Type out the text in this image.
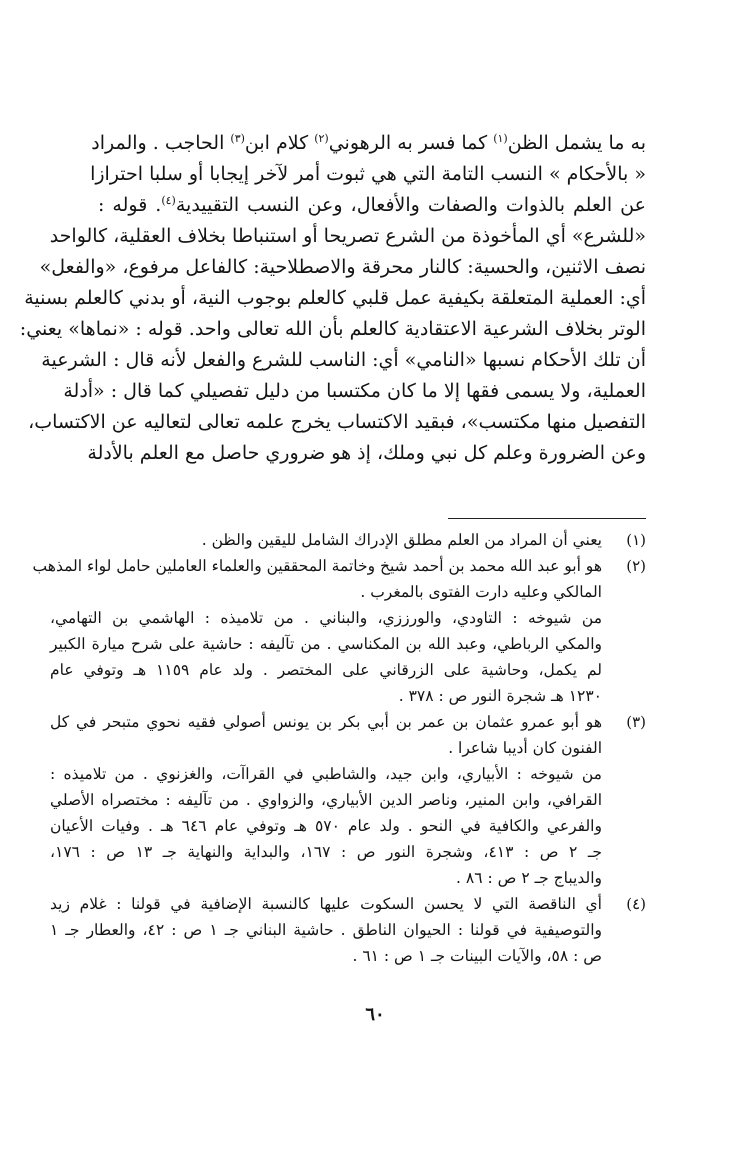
به ما يشمل الظن$^{(١)}$ كما فسر به الرهوني$^{(٢)}$ كلام ابن$^{(٣)}$ الحاجب . والمراد
« بالأحكام » النسب التامة التي هي ثبوت أمر لآخر إيجابا أو سلبا احترازا
عن العلم بالذوات والصفات والأفعال، وعن النسب التقييدية$^{(٤)}$. قوله :
«للشرع» أي المأخوذة من الشرع تصريحا أو استنباطا بخلاف العقلية، كالواحد
نصف الاثنين، والحسية: كالنار محرقة والاصطلاحية: كالفاعل مرفوع، «والفعل»
أي: العملية المتعلقة بكيفية عمل قلبي كالعلم بوجوب النية، أو بدني كالعلم بسنية
الوتر بخلاف الشرعية الاعتقادية كالعلم بأن الله تعالى واحد. قوله : «نماها» يعني:
أن تلك الأحكام نسبها «النامي» أي: الناسب للشرع والفعل لأنه قال : الشرعية
العملية، ولا يسمى فقها إلا ما كان مكتسبا من دليل تفصيلي كما قال : «أدلة
التفصيل منها مكتسب»، فبقيد الاكتساب يخرج علمه تعالى لتعاليه عن الاكتساب،
وعن الضرورة وعلم كل نبي وملك، إذ هو ضروري حاصل مع العلم بالأدلة
(١)
يعني أن المراد من العلم مطلق الإدراك الشامل لليقين والظن .
(٢)
هو أبو عبد الله محمد بن أحمد شيخ وخاتمة المحققين والعلماء العاملين حامل لواء المذهب
المالكي وعليه دارت الفتوى بالمغرب .
من شيوخه : التاودي، والورززي، والبناني . من تلاميذه : الهاشمي بن التهامي،
والمكي الرباطي، وعبد الله بن المكناسي . من تآليفه : حاشية على شرح ميارة الكبير
لم يكمل، وحاشية على الزرقاني على المختصر . ولد عام ١١٥٩ هـ وتوفي عام
١٢٣٠ هـ شجرة النور ص : ٣٧٨ .
(٣)
هو أبو عمرو عثمان بن عمر بن أبي بكر بن يونس أصولي فقيه نحوي متبحر في كل
الفنون كان أديبا شاعرا .
من شيوخه : الأبياري، وابن جيد، والشاطبي في القراآت، والغزنوي . من تلاميذه :
القرافي، وابن المنير، وناصر الدين الأبياري، والزواوي . من تآليفه : مختصراه الأصلي
والفرعي والكافية في النحو . ولد عام ٥٧٠ هـ وتوفي عام ٦٤٦ هـ . وفيات الأعيان
جـ ٢ ص : ٤١٣، وشجرة النور ص : ١٦٧، والبداية والنهاية جـ ١٣ ص : ١٧٦،
والديباج جـ ٢ ص : ٨٦ .
(٤)
أي الناقصة التي لا يحسن السكوت عليها كالنسبة الإضافية في قولنا : غلام زيد
والتوصيفية في قولنا : الحيوان الناطق . حاشية البناني جـ ١ ص : ٤٢، والعطار جـ ١
ص : ٥٨، والآيات البينات جـ ١ ص : ٦١ .
٦٠
